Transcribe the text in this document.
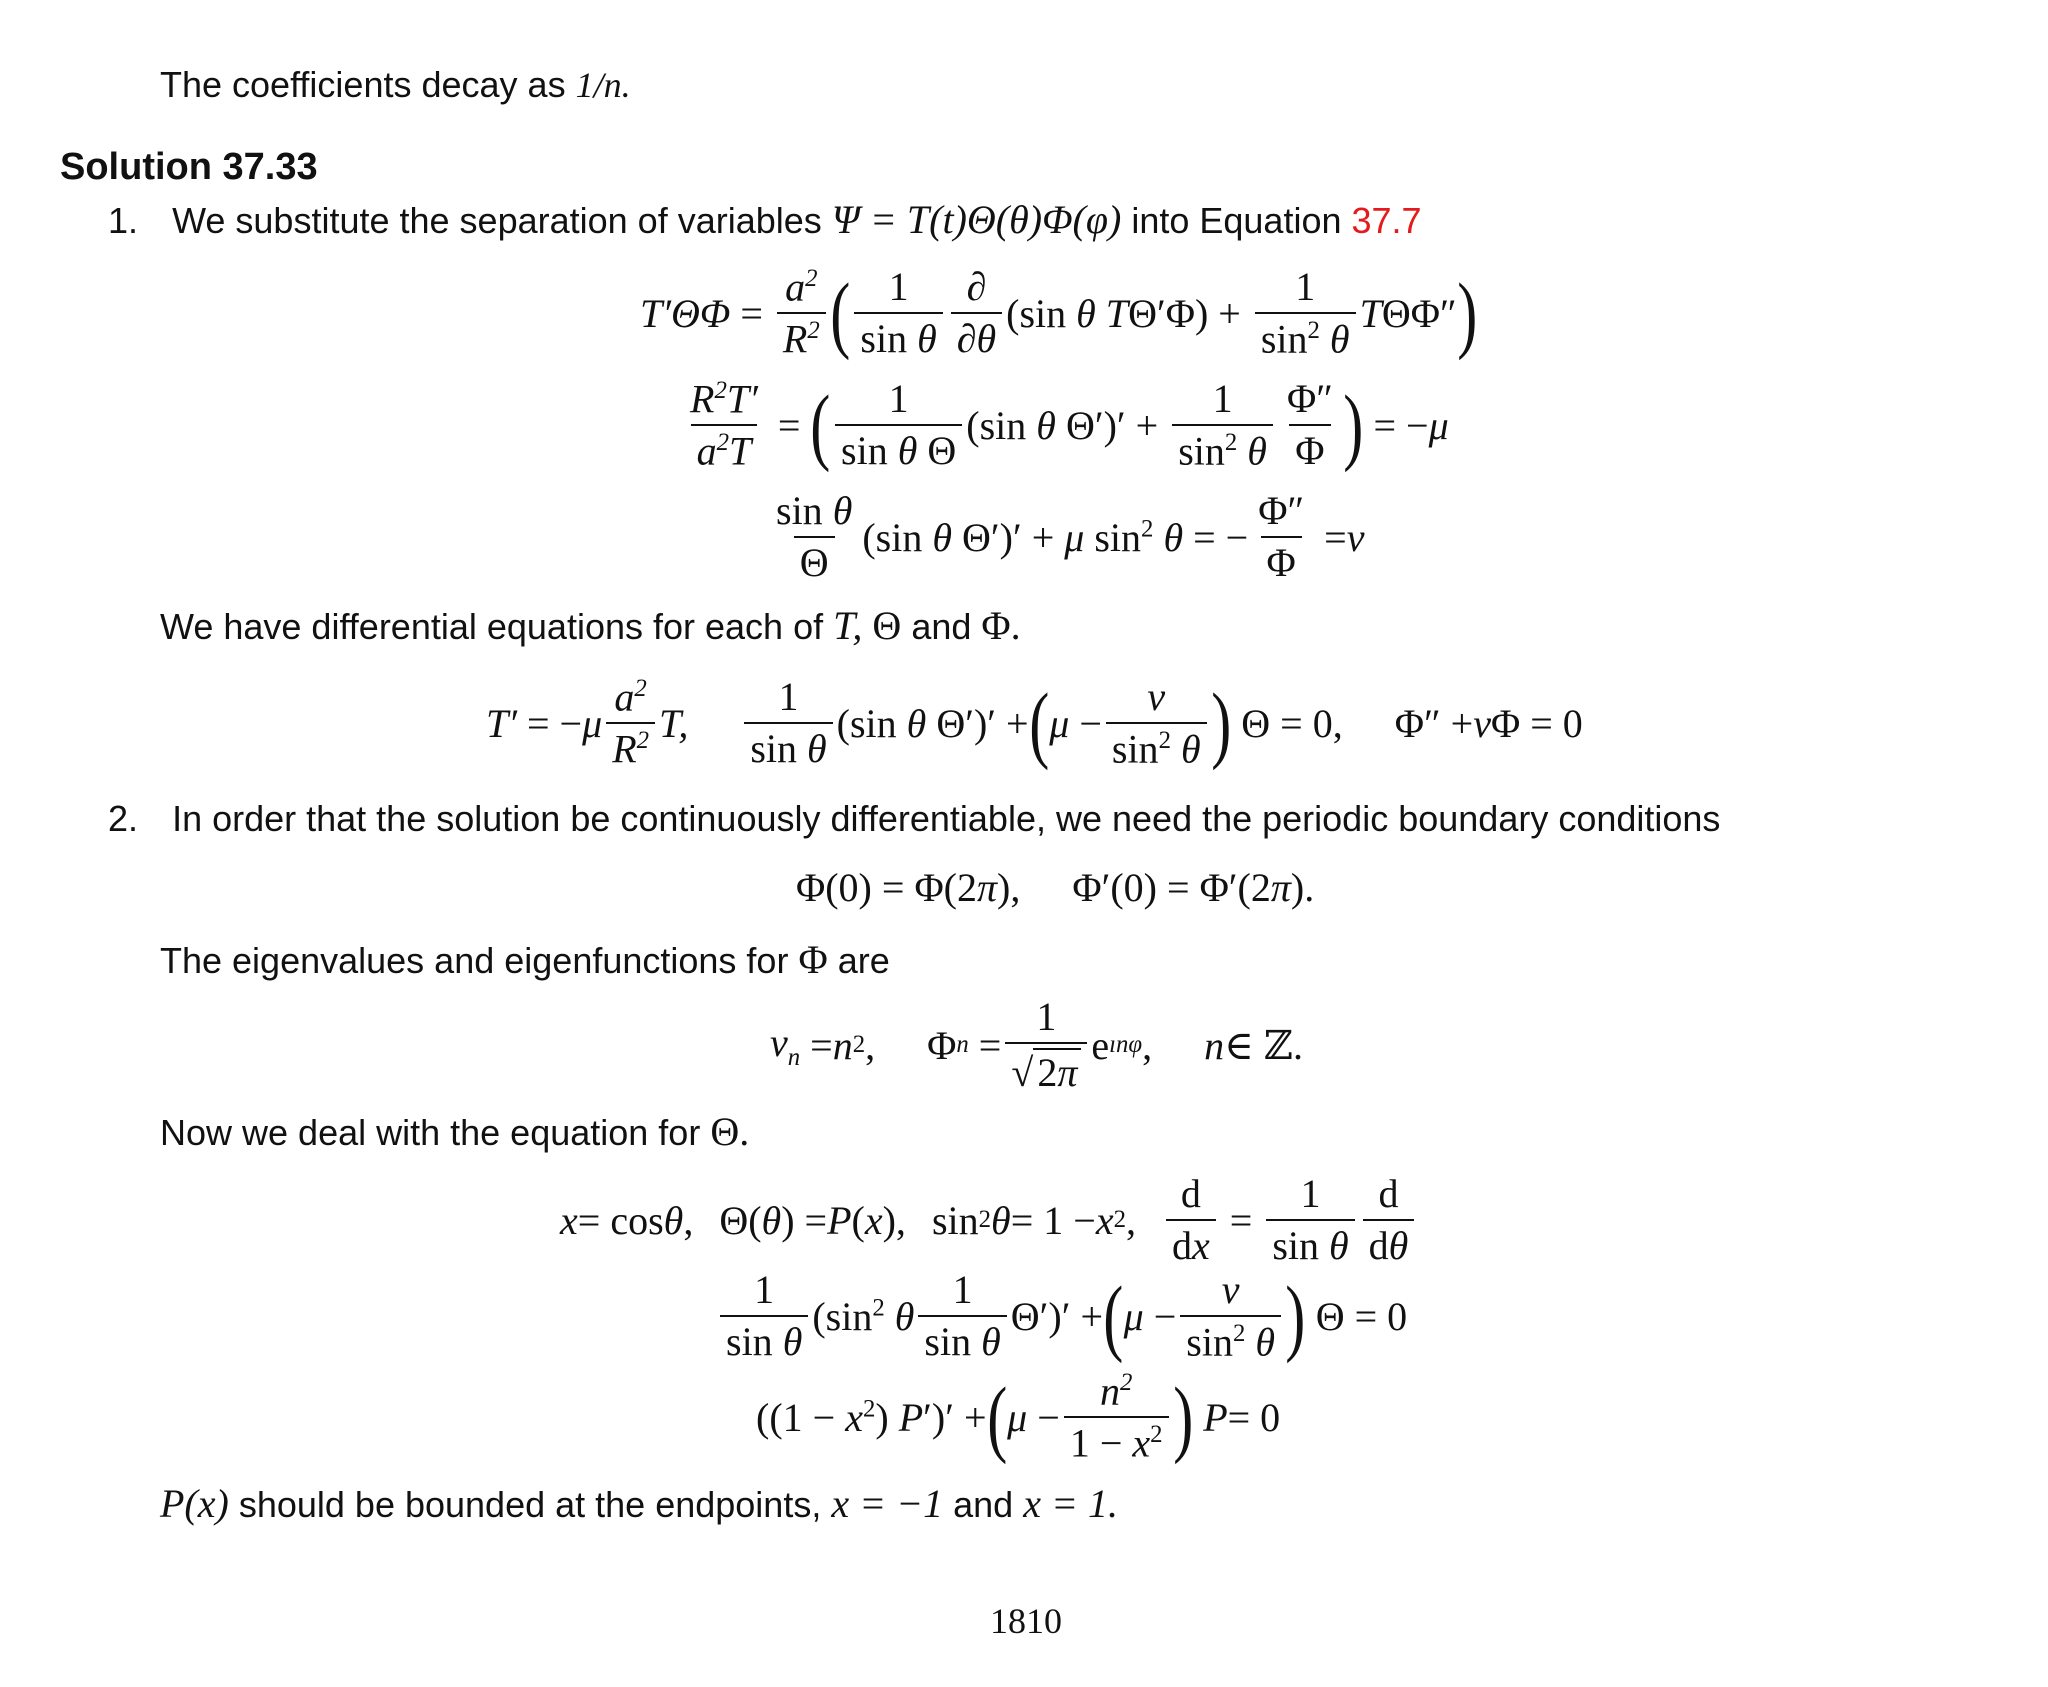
The coefficients decay as 1/n.
Solution 37.33
1. We substitute the separation of variables Ψ = T(t)Θ(θ)Φ(φ) into Equation 37.7
$T'\Theta\Phi = \frac{a^2}{R^2}$ ( $\frac{1}{\text{sin θ}} \frac{\partial}{\partial\theta} (\sin$ θ $T\Theta'\Phi) + \frac{1}{\sin^2 \theta}$ T ΘΦ″ )
$\frac{R^2T'}{a^2T}$ = ( $\frac{1}{\text{sin θ Θ}} (\sin$ θ $\Theta')' + \frac{1}{\sin^2 \theta} \frac{\Phi''}{\Phi}$ ) = − μ
$\frac{\text{sin θ}}{\Theta} (\sin$ θ Θ′)′ + μ $\sin^2 \theta$ = − $\frac{\Phi''}{\Phi} = \nu$
We have differential equations for each of T, Θ and Φ.
T′ = − μ $\frac{a^2}{R^2} T$, $\frac{1}{\text{sin θ}} (\sin$ θ Θ′)′ + ( $\mu - \frac{\nu}{\sin^2 \theta}$ ) Θ = 0,
Φ″ + ν Φ = 0
2. In order that the solution be continuously differentiable, we need the periodic boundary conditions
Φ(0) = Φ(2 π ), Φ′(0) = Φ′(2 π ).
The eigenvalues and eigenfunctions for Φ are
$\nu_n = n$ 2 ,
Φ $n = \frac{1}{√ 2\pi}$ e ınφ , n ∈ ℤ.
Now we deal with the equation for Θ.
x = cos θ ,
Θ( θ ) = P ( x ),
sin 2 θ = 1 − x 2 , $\frac{d}{dx} = \frac{1}{\text{sin θ}} \frac{d}{d\theta}$
$\frac{1}{\text{sin θ}} (\sin^2$ θ $\frac{1}{\text{sin θ}} \Theta')'$ + ( $\mu - \frac{\nu}{\sin^2 \theta}$ ) Θ = 0
($(1 - x^2)$ P′)′ + ( $\mu - \frac{n^2}{1 - x^2}$ )
P = 0
P(x) should be bounded at the endpoints, x = −1 and x = 1.
1810
